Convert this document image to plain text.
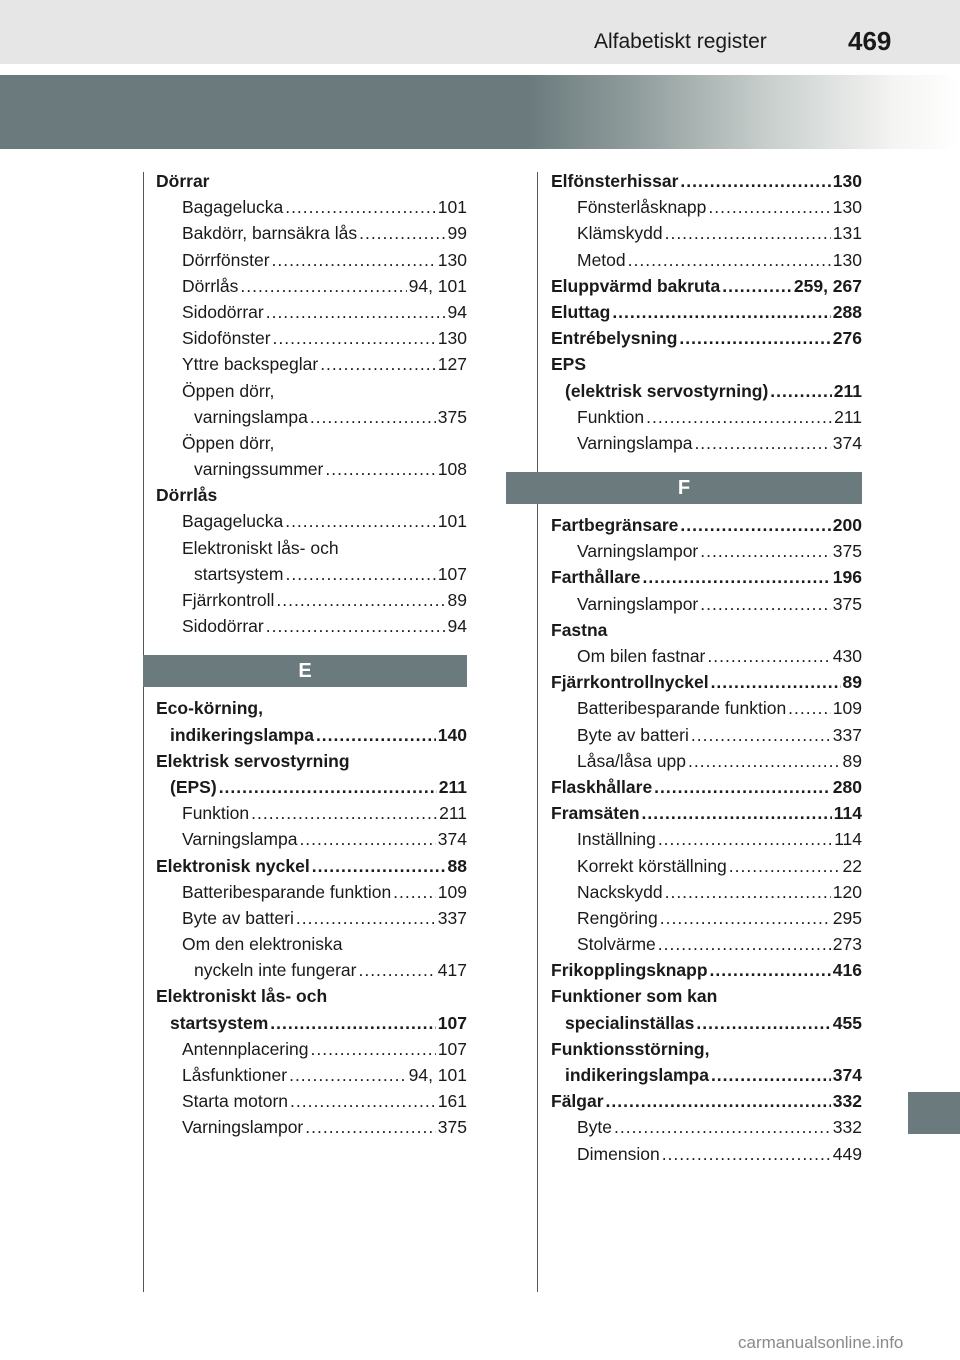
Alfabetiskt register	469
Dörrar
Bagagelucka .....	101
Bakdörr, barnsäkra lås .....	99
Dörrfönster .....	130
Dörrlås .....	94, 101
Sidodörrar .....	94
Sidofönster .....	130
Yttre backspeglar .....	127
Öppen dörr,
varningslampa .....	375
Öppen dörr,
varningssummer .....	108
Dörrlås
Bagagelucka .....	101
Elektroniskt lås- och
startsystem .....	107
Fjärrkontroll .....	89
Sidodörrar .....	94
E
Eco-körning,
indikeringslampa .....	140
Elektrisk servostyrning
(EPS) .....	211
Funktion .....	211
Varningslampa .....	374
Elektronisk nyckel .....	88
Batteribesparande funktion .....	109
Byte av batteri .....	337
Om den elektroniska
nyckeln inte fungerar .....	417
Elektroniskt lås- och
startsystem .....	107
Antennplacering .....	107
Låsfunktioner .....	94, 101
Starta motorn .....	161
Varningslampor .....	375
Elfönsterhissar .....	130
Fönsterlåsknapp .....	130
Klämskydd .....	131
Metod .....	130
Eluppvärmd bakruta .....	259, 267
Eluttag .....	288
Entrébelysning .....	276
EPS
(elektrisk servostyrning) .....	211
Funktion .....	211
Varningslampa .....	374
F
Fartbegränsare .....	200
Varningslampor .....	375
Farthållare .....	196
Varningslampor .....	375
Fastna
Om bilen fastnar .....	430
Fjärrkontrollnyckel .....	89
Batteribesparande funktion .....	109
Byte av batteri .....	337
Låsa/låsa upp .....	89
Flaskhållare .....	280
Framsäten .....	114
Inställning .....	114
Korrekt körställning .....	22
Nackskydd .....	120
Rengöring .....	295
Stolvärme .....	273
Frikopplingsknapp .....	416
Funktioner som kan
specialinställas .....	455
Funktionsstörning,
indikeringslampa .....	374
Fälgar .....	332
Byte .....	332
Dimension .....	449
carmanualsonline.info
